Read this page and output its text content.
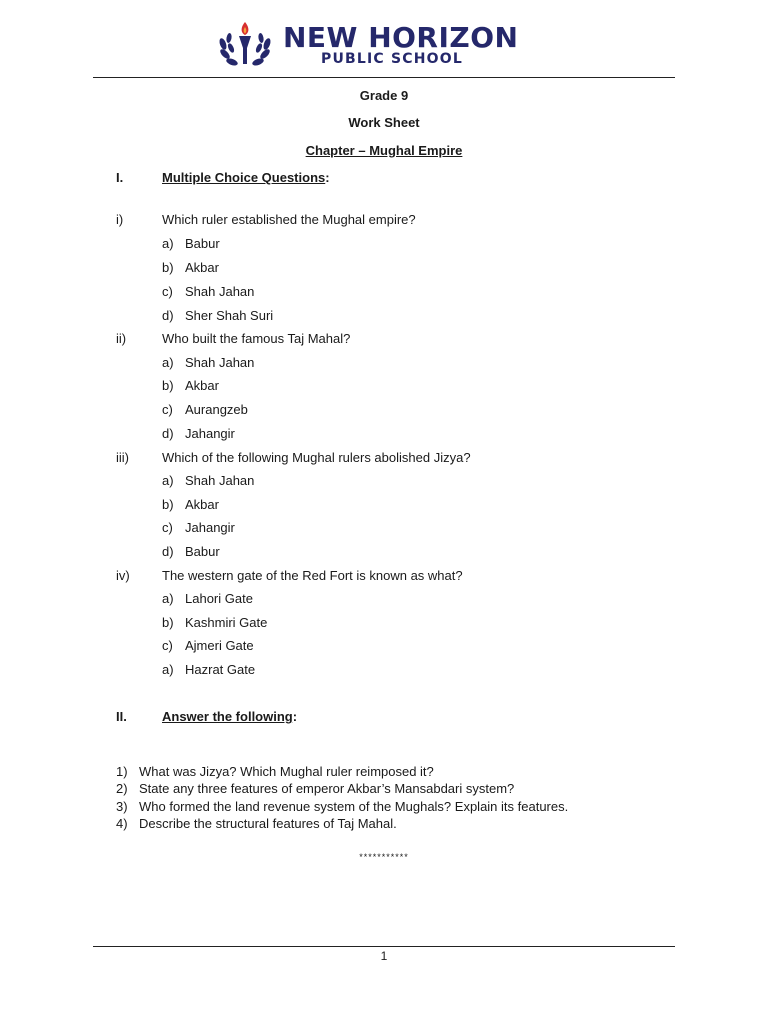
NEW HORIZON
PUBLIC SCHOOL
Grade 9
Work Sheet
Chapter – Mughal Empire
I.	Multiple Choice Questions:
i)	Which ruler established the Mughal empire?
a) Babur
b) Akbar
c) Shah Jahan
d) Sher Shah Suri
ii)	Who built the famous Taj Mahal?
a) Shah Jahan
b) Akbar
c) Aurangzeb
d) Jahangir
iii)	Which of the following Mughal rulers abolished Jizya?
a) Shah Jahan
b) Akbar
c) Jahangir
d) Babur
iv) The western gate of the Red Fort is known as what?
a) Lahori Gate
b) Kashmiri Gate
c) Ajmeri Gate
a) Hazrat Gate
II.	Answer the following:
1) What was Jizya? Which Mughal ruler reimposed it?
2) State any three features of emperor Akbar’s Mansabdari system?
3) Who formed the land revenue system of the Mughals? Explain its features.
4) Describe the structural features of Taj Mahal.
***********
1
